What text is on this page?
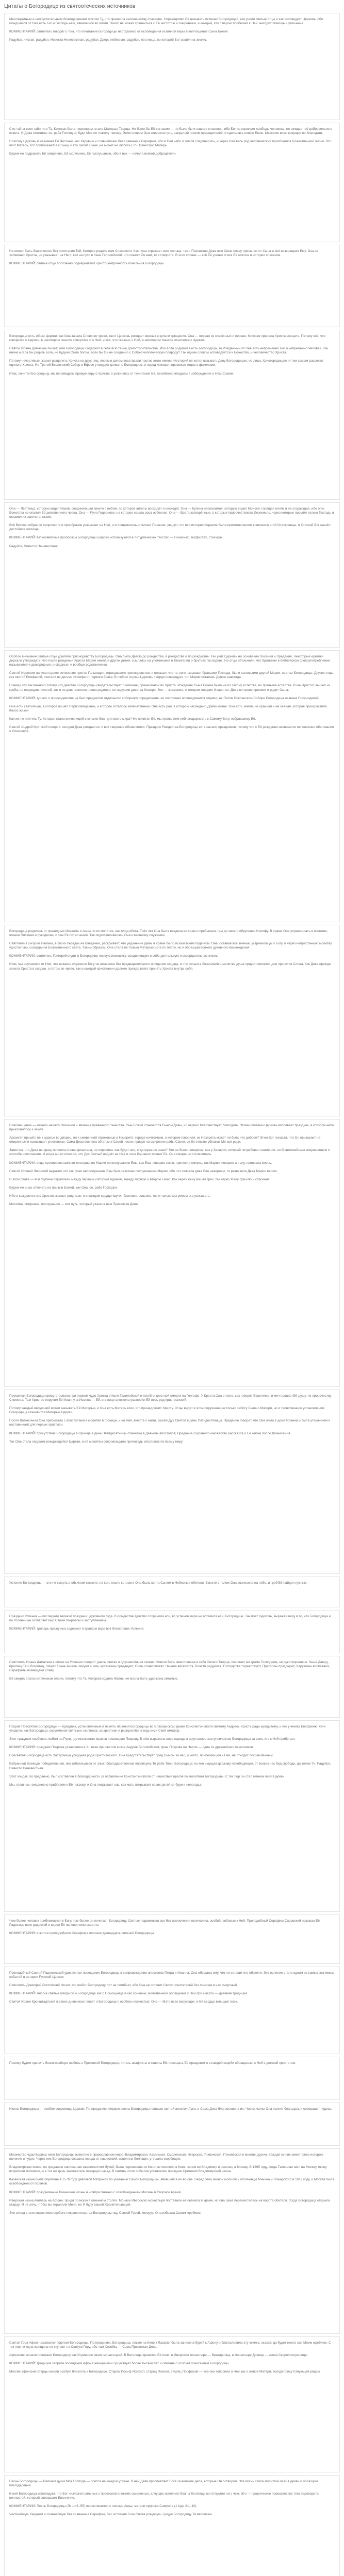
Цитаты о Богородице из святоотеческих источников

Многократным и неопустительным благодарением почтим Ту, что принесла человечеству спасение. Справедливо Её называть истинно Богородицей, как учили святые отцы и как исповедует Церковь, ибо Рождшийся от Неё есть Бог и Господь наш, явившийся во плоти. Ничто не может сравниться с Её чистотою и смирением, и каждый, кто с верою прибегает к Ней, находит помощь и утешение.

КОММЕНТАРИЙ: святитель говорит о том, что почитание Богородицы неотделимо от исповедания истинной веры в воплощение Сына Божия.

Радуйся, чистая, радуйся, Невеста Неневестная, радуйся, Дверь небесная, радуйся, лестница, по которой Бог сошёл на землю.

Сие тайна всех тайн: что Та, Которая была творением, стала Матерью Творца. Не было бы Её согласия — не было бы и нашего спасения, ибо Бог не насилует свободы человека, но ожидает её добровольного ответа. И Дева ответила: се, раба Господня; буди Мне по глаголу твоему. Этим словом Она отверзла путь, закрытый грехом прародителей, и сделалась новою Евою, Материю всех живущих по благодати.

Поэтому Церковь и называет Её Честнейшею Херувим и славнейшею без сравнения Серафим, ибо в Ней небо и земля соединились, и через Неё весь род человеческий приобщился Божественной жизни. Кто чтит Матерь, тот приближается к Сыну, и кто любит Сына, не может не любить Его Пречистую Матерь.

Будем же подражать Её смирению, Её молчанию, Её послушанию, ибо в них — начало всякой добродетели.

Не может быть благочестия без почитания Той, Которая родила нам Спасителя. Как луна отражает свет солнца, так и Пресвятая Дева всю Свою славу приемлет от Сына и всё возвращает Ему. Она не затмевает Христа, но указывает на Него, как на пути в Кане Галилейской: что скажет Он вам, то сотворите. В этих словах — всё Её учение и вся Её миссия в истории спасения.

КОММЕНТАРИЙ: святые отцы постоянно подчёркивают христоцентричность почитания Богородицы.

Богородица есть образ Церкви: как Она зачала Слово во чреве, так и Церковь рождает верных в купели крещения. Она — первая из спасённых и первая, Которая приняла Христа всецело. Потому всё, что говорится о Церкви, в некотором смысле говорится и о Ней, и всё, что сказано о Ней, в некотором смысле относится к Церкви.

Святой Иоанн Дамаскин пишет: имя Богородицы содержит в себе всю тайну домостроительства. Ибо если родившая есть Богородица, то Рождённый от Неё есть непременно Бог и непременно Человек. Как иначе могла бы родить Бога, не будучи Сама богом, если бы Он не соединил с Собою человеческую природу? Так одним словом исповедуется и Божество, и человечество Христа.

Потому нечестивые, желая разделить Христа на двух лиц, первым делом восставали против этого имени. Несторий не хотел называть Деву Богородицею, но лишь Христородицею, и тем самым рассекал единого Христа. Но Третий Вселенский Собор в Ефесе утвердил догмат о Богородице, и народ ликовал, провожая отцов с факелами.

Итак, почитая Богородицу, мы исповедуем правую веру о Христе; а уклоняясь от почитания Её, неизбежно впадаем в заблуждение о Нём Самом.

Она — Лествица, которую видел Иаков, соединяющая землю с небом, по которой ангелы восходят и нисходят. Она — Купина неопалимая, которую видел Моисей, горящая огнём и не сгорающая, ибо огнь Божества не опалил Её девственного чрева. Она — Руно Гедеоново, на которое сошла роса небесная. Она — Врата затворённые, о которых пророчествовал Иезекииль, через которые прошёл только Господь и оставил их запечатанными.

Всё Ветхое собрание пророчеств и прообразов указывает на Неё, и кто внимательно читает Писание, увидит, что вся история Израиля была приготовлением к явлению этой Отроковицы, в Которой Бог нашёл достойное жилище.

КОММЕНТАРИЙ: ветхозаветные прообразы Богородицы широко используются в литургических текстах — в канонах, акафистах, стихирах.

Радуйся, Невесто Неневестная!

Особое внимание святые отцы уделяли приснодевству Богородицы. Она была Девою до рождества, в рождестве и по рождестве. Так учит Церковь на основании Писания и Предания. Некоторые еретики дерзали утверждать, что после рождения Христа Мария имела и других детей, ссылаясь на упоминание в Евангелии о братьях Господних. Но отцы объяснили, что братьями в библейском словоупотреблении называются и двоюродные, и сводные, и вообще родственники.

Святой Иероним написал целое сочинение против Гельвидия, отрицавшего приснодевство, и показал, что те, кого называют братьями Господа, были сыновьями другой Марии, сестры Богородицы. Другие отцы, как святой Епифаний, считали их детьми Иосифа от первого брака. В любом случае Церковь твёрдо исповедует, что Мария осталась Девою навсегда.

Почему это так важно? Потому что девство Богородицы свидетельствует о новизне, принесённой во Христе. Рождение Сына Божия было не по закону естества, но превыше естества. И как Христос вышел из гроба, не повредив печатей, так и из девственного чрева родился, не нарушив девства Матери. Это — знамение, о котором говорил Исаия: се, Дева во чреве приимет и родит Сына.

КОММЕНТАРИЙ: догмат о приснодевстве не был предметом отдельного соборного определения, но постоянно исповедовался отцами; на Пятом Вселенском Соборе Богородица названа Приснодевой.

Она есть святилище, в которое вошёл Первосвященник, и которое осталось запечатанным. Она есть рай, в котором насаждено Древо жизни. Она есть земля, не оранная и не сеяная, которая произрастила Колос жизни.

Как же не почтить Ту, Которая стала виновницей стольких благ для всего мира? Не почитая Её, мы проявляем неблагодарность к Самому Богу, избравшему Её.

Святой Андрей Критский говорит: сегодня Дева рождается, и всё творение обновляется. Праздник Рождества Богородицы есть начало праздников, потому что с Её рождения начинается исполнение обетования о Спасителе.

Богородица родилась от праведных Иоакима и Анны по их молитве, как плод обета. Трёх лет Она была введена во храм и пребывала там до своего обручения Иосифу. В храме Она упражнялась в молитве, чтении Писания и рукоделии, и там Её питал ангел. Так подготавливалась Она к великому служению.

Святитель Григорий Палама, в своих беседах на Введение, раскрывает, что уединение Девы в храме было исихастским подвигом: Она, оставив всё земное, устремила ум к Богу, и через непрестанную молитву удостоилась созерцания Божественного света. Таким образом, Она стала не только Матерью Бога по плоти, но и образцом всякого духовного восхождения.

КОММЕНТАРИЙ: святитель Григорий видит в Богородице первую исихастку, соединившую в себе деятельную и созерцательную жизнь.

Итак, мы научаемся от Неё, что никакое служение Богу не возможно без предварительного очищения сердца, и что только в безмолвии и молитве душа приуготовляется для принятия Слова. Как Дева прежде зачала Христа в сердце, а потом во чреве, так и каждый христианин должен прежде всего принять Христа внутрь себя.

Благовещение — начало нашего спасения и явление превечного таинства. Сын Божий становится Сыном Девы, и Гавриил благовествует благодать. Этими словами Церковь воспевает праздник, в котором небо приклонилось к земле.

Архангел пришёл не к царице во дворец, но к смиренной отроковице в Назарете, городе ничтожном, о котором говорили: из Назарета может ли быть что доброе? Этим Бог показал, что Он призирает на смиренных и возвышает униженных. Сама Дева воспела об этом в Своей песни: призре на смирение рабы Своея, се бо отныне ублажат Мя вси роди.

Заметим, что Дева не сразу приняла слова архангела, но спросила: как будет сие, егда мужа не знаю? Это не было неверием, как у Захарии, который потребовал знамения, но благоговейным вопрошанием о способе исполнения. И когда ангел ответил, что Дух Святый найдёт на Неё и сила Вышнего осенит Её, Она смиренно согласилась.

КОММЕНТАРИЙ: отцы противопоставляют послушание Марии непослушанию Евы: как Ева, поверив змию, принесла смерть, так Мария, поверив ангелу, принесла жизнь.

Святой Ириней Лионский выразил это так: узел непослушания Евы был развязан послушанием Марии; ибо что связала дева Ева неверием, то развязала Дева Мария верою.

В этом слове — вся глубина параллели между первым и вторым Адамом, между первою и второю Евою. Как через жену вошёл грех, так через Жену пришло и спасение.

Будем же и мы отвечать на призыв Божий, как Она: се, раба Господня.

Ибо в каждом из нас Христос желает родиться, и в каждом сердце звучит благовествование, если только мы умеем его услышать.

Молитва, смирение, послушание — вот путь, который указала нам Пресвятая Дева.

Пресвятая Богородица присутствовала при первом чуде Христа в Кане Галилейской и при Его крестной смерти на Голгофе. У Креста Она стояла, как говорит Евангелие, и меч прошёл Её душу, по пророчеству Симеона. Там Христос поручил Её Иоанну, а Иоанна — Ей, и в лице апостола усыновил Ей весь род христианский.

Потому каждый верующий может называть Её Матерью, и Она есть Матерь всех, кто принадлежит Христу. Отцы видят в этом поручении не только заботу Сына о Матери, но и таинственное установление: Богородица становится Матерью Церкви.

После Вознесения Она пребывала с апостолами в молитве в горнице, и на Неё, вместе с ними, сошёл Дух Святой в день Пятидесятницы. Предание говорит, что Она жила в доме Иоанна и была утешением и наставницей для первых христиан.

КОММЕНТАРИЙ: присутствие Богородицы в горнице в день Пятидесятницы отмечено в Деяниях апостолов; Предание сохранило множество рассказов о Её жизни после Вознесения.

Так Она стала сердцем рождающейся Церкви, и её молитвы сопровождали проповедь апостолов по всему миру.

Успение Богородицы — это не смерть в обычном смысле, но сон, после которого Она была взята Сыном в Небесные обители. Вместе с телом Она вознесена на небо, и гроб Её найден пустым.

Праздник Успения — последний великий праздник церковного года. В рождестве девство сохранила еси, во успении мира не оставила еси, Богородице. Так поёт Церковь, выражая веру в то, что Богородица и по Успении не оставляет мир Своим покровом и заступлением.

КОММЕНТАРИЙ: тропарь праздника содержит в кратком виде всё богословие Успения.

Святитель Иоанн Дамаскин в слове на Успение говорит: днесь святая и одушевлённая скиния Живого Бога, вместившая в себя Своего Творца, почивает во храме Господнем, не рукотворенном. Ныне Давид, праотец Её и богоотец, ликует. Ныне ангелы ликуют с ним, архангелы празднуют, Силы славословят, Начала веселятся, Власти радуются, Господства торжествуют, Престолы празднуют, Херувимы воспевают, Серафимы возвещают славу.

Её смерть стала источником жизни, потому что Та, Которая родила Жизнь, не могла быть удержана смертью.

Покров Пресвятой Богородицы — праздник, установленный в память явления Богородицы во Влахернском храме Константинополя святому Андрею, Христа ради юродивому, и его ученику Епифанию. Они увидели, как Богородица, окружённая святыми, молилась за христиан и распростёрла над ними Свой омофор.

Этот праздник особенно любим на Руси, где множество храмов посвящено Покрову. В нём выражена вера народа в неустанное заступничество Богородицы за всех, кто к Ней прибегает.

КОММЕНТАРИЙ: праздник Покрова установлен в XII веке при святом князе Андрее Боголюбском; храм Покрова на Нерли — один из древнейших памятников.

Пресвятая Богородица есть Заступница усердная рода христианского. Она предстательствует пред Сыном за нас, и никто, прибегающий к Ней, не отходит посрамлённым.

Взбранной Воеводе победительная, яко избавльшеся от злых, благодарственная восписуем Ти раби Твои, Богородице; но яко имущая державу непобедимую, от всяких нас бед свободи, да зовем Ти: Радуйся, Невесто Неневестная.

Этот кондак, по преданию, был составлен в благодарность за избавление Константинополя от нашествия врагов по молитвам Богородицы. С тех пор он стал гимном всей Церкви.

Мы, грешные, ежедневно прибегаем к Её покрову, и Она покрывает нас, как мать покрывает своих детей от бури и непогоды.

Чем более человек приближается к Богу, тем более он почитает Богородицу. Святые подвижники все без исключения отличались особой любовью к Ней. Преподобный Серафим Саровский называл Её Радостью всех радостей и видел Её явления многократно.

КОММЕНТАРИЙ: в житии преподобного Серафима описано двенадцать явлений Богородицы.

Преподобный Сергий Радонежский удостоился посещения Богородицы в сопровождении апостолов Петра и Иоанна. Она обещала ему, что не оставит его обители. Это явление стало одним из самых значимых событий в истории Русской Церкви.

Святитель Димитрий Ростовский писал: кто любит Богородицу, тот не погибнет, ибо Она не оставит Своих почитателей без помощи в час смертный.

КОММЕНТАРИЙ: многие святые говорили о Богородице как о Помощнице в час кончины; молитвенное обращение к Ней при смерти — древняя традиция.

Святой Иоанн Кронштадтский в своих дневниках пишет о Богородице с особою нежностью: Она — Мать всех верующих, и Её сердце вмещает всех.

Посему будем хранить благоговейную любовь к Пресвятой Богородице, читать акафисты и каноны Ей, посещать Её праздники и в каждой скорби обращаться к Ней с детской простотою.

Иконы Богородицы — особое сокровище Церкви. По преданию, первые иконы Богородицы написал святой апостол Лука, и Сама Дева благословила их. Через иконы Она являет благодать и совершает чудеса.

Множество чудотворных икон Богородицы известно в православном мире: Владимирская, Казанская, Смоленская, Иверская, Тихвинская, Почаевская и многие другие. Каждая из них имеет свою историю явления и чудес. Через них Богородица спасала города от нашествий, исцеляла болящих, утешала скорбящих.

Владимирская икона, по преданию написанная евангелистом Лукой, была перенесена из Константинополя в Киев, затем во Владимир и наконец в Москву. В 1395 году, когда Тамерлан шёл на Москву, икону встретили москвичи, и в тот же день завоеватель повернул назад. В память этого события установлен праздник Сретения Владимирской иконы.

Казанская икона была обретена в 1579 году девочкой Матроной по указанию Самой Богородицы, явившейся ей во сне. Перед этой иконой молились ополченцы Минина и Пожарского в 1612 году, и Москва была освобождена от поляков.

КОММЕНТАРИЙ: празднование Казанской иконы 4 ноября связано с освобождением Москвы в Смутное время.

Иверская икона явилась на Афоне, придя по морю в огненном столпе. Монахи Иверского монастыря поставили её сначала в храме, но она сама переместилась на ворота обители. Тогда Богородица открыла старцу: Я не хочу, чтобы вы охраняли Меня, но Я буду вашей Хранительницей.

Эти слова стали знамением особого покровительства Богородицы над Святой Горой, которую Она избрала Своим жребием.

Святая Гора Афон называется Уделом Богородицы. По преданию, Богородица, плывя на Кипр к Лазарю, была занесена бурей к Афону и благословила эту землю, сказав: да будет место сие Моим жребием. С тех пор ни одна женщина не ступает на Святую Гору, ибо там Хозяйка — Сама Пресвятая Дева.

Афонские монахи почитают Богородицу как Игумению своих монастырей. В Ватопеде хранится Её пояс, в Иверском монастыре — Вратарница, в монастыре Дохиар — икона Скоропослушница.

КОММЕНТАРИЙ: традиция запрета посещения Афона женщинами существует более тысячи лет и связана с особым почитанием Богородицы.

Многие афонские старцы имели особую близость к Богородице. Старец Иосиф Исихаст, старец Паисий, старец Порфирий — все они говорили о Ней как о живой Матери, всегда присутствующей рядом.

Песнь Богородицы — Величит душа Моя Господа — поётся на каждой утрене. В ней Дева прославляет Бога за великие дела, которые Он сотворил. Эта песнь стала молитвой всей Церкви и образцом благодарения.

В ней Богородица исповедует, что Бог низложил сильных с престолов и вознёс смиренных, алчущих исполнил благ, а богатящихся отпустил ни с чем. Это — пророческое провозвестие того переворота ценностей, который совершает Евангелие.

КОММЕНТАРИЙ: Песнь Богородицы (Лк 1:46–55) перекликается с песнью Анны, матери пророка Самуила (1 Цар 2:1–10).

Честнейшую Херувим и славнейшую без сравнения Серафим, без истления Бога Слова рождшую, сущую Богородицу Тя величаем.
